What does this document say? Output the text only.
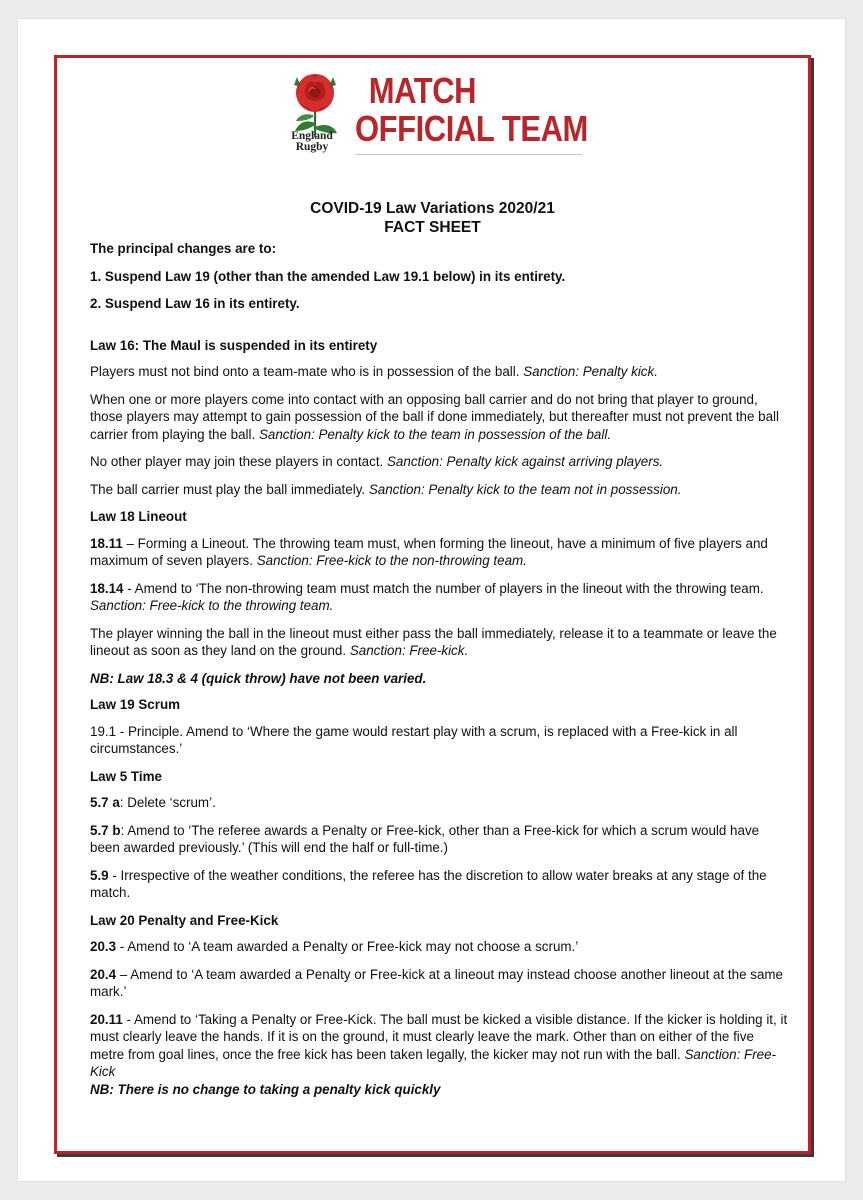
England
Rugby
MATCH
OFFICIAL TEAM
COVID-19 Law Variations 2020/21
FACT SHEET

The principal changes are to:

1. Suspend Law 19 (other than the amended Law 19.1 below) in its entirety.

2. Suspend Law 16 in its entirety.

Law 16: The Maul is suspended in its entirety

Players must not bind onto a team-mate who is in possession of the ball. Sanction: Penalty kick.

When one or more players come into contact with an opposing ball carrier and do not bring that player to ground, those players may attempt to gain possession of the ball if done immediately, but thereafter must not prevent the ball carrier from playing the ball. Sanction: Penalty kick to the team in possession of the ball.

No other player may join these players in contact. Sanction: Penalty kick against arriving players.

The ball carrier must play the ball immediately. Sanction: Penalty kick to the team not in possession.

Law 18 Lineout

18.11 – Forming a Lineout. The throwing team must, when forming the lineout, have a minimum of five players and maximum of seven players. Sanction: Free-kick to the non-throwing team.

18.14 - Amend to ‘The non-throwing team must match the number of players in the lineout with the throwing team. Sanction: Free-kick to the throwing team.

The player winning the ball in the lineout must either pass the ball immediately, release it to a teammate or leave the lineout as soon as they land on the ground. Sanction: Free-kick.

NB: Law 18.3 & 4 (quick throw) have not been varied.

Law 19 Scrum

19.1 - Principle. Amend to ‘Where the game would restart play with a scrum, is replaced with a Free-kick in all circumstances.’

Law 5 Time

5.7 a: Delete ‘scrum’.

5.7 b: Amend to ‘The referee awards a Penalty or Free-kick, other than a Free-kick for which a scrum would have been awarded previously.’ (This will end the half or full-time.)

5.9 - Irrespective of the weather conditions, the referee has the discretion to allow water breaks at any stage of the match.

Law 20 Penalty and Free-Kick

20.3 - Amend to ‘A team awarded a Penalty or Free-kick may not choose a scrum.’

20.4 – Amend to ‘A team awarded a Penalty or Free-kick at a lineout may instead choose another lineout at the same mark.’

20.11 - Amend to ‘Taking a Penalty or Free-Kick. The ball must be kicked a visible distance. If the kicker is holding it, it must clearly leave the hands. If it is on the ground, it must clearly leave the mark. Other than on either of the five metre from goal lines, once the free kick has been taken legally, the kicker may not run with the ball. Sanction: Free-Kick

NB: There is no change to taking a penalty kick quickly
